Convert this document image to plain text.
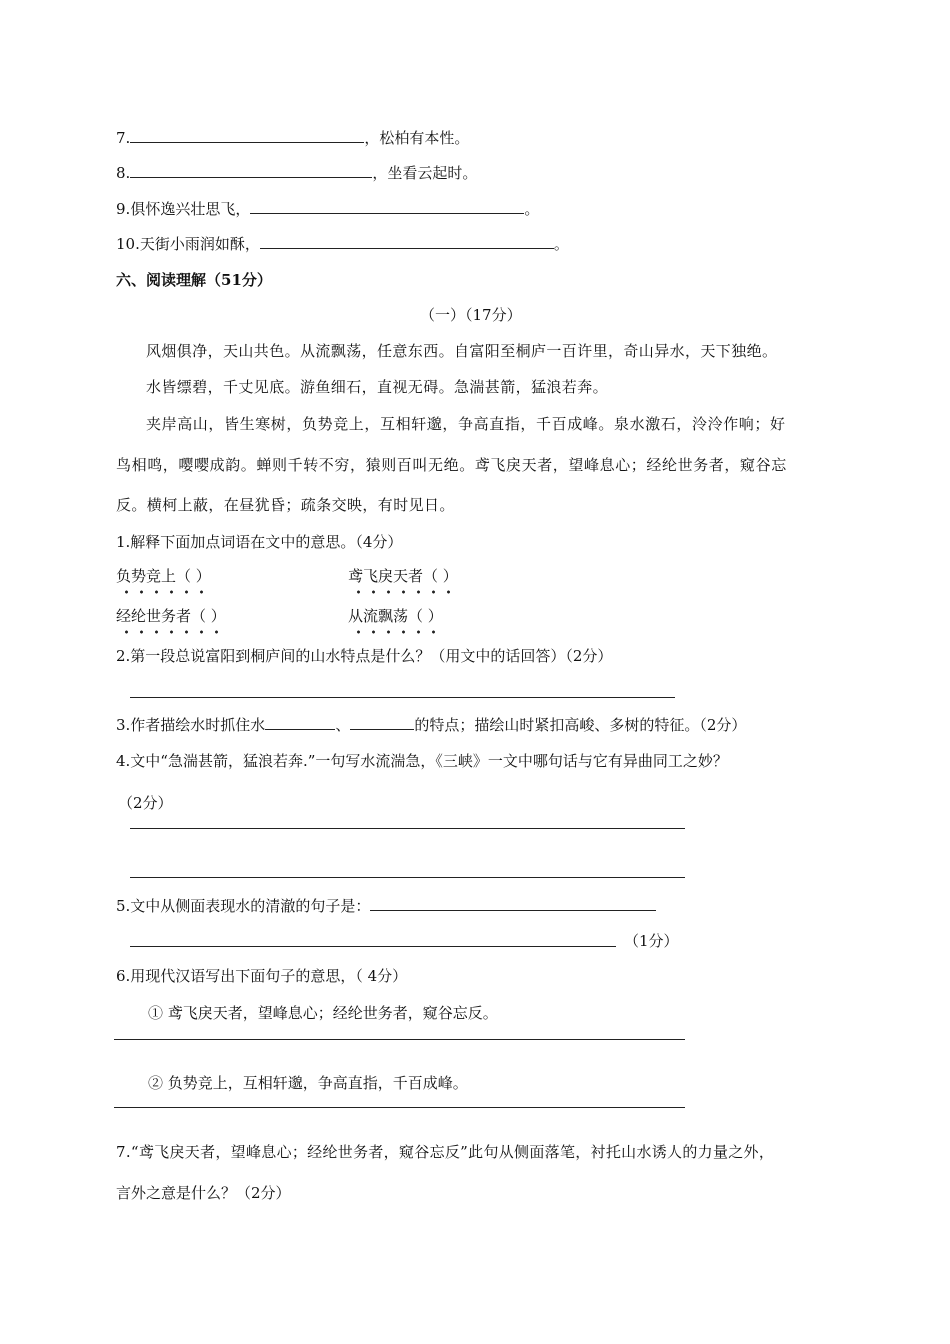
7.	，松柏有本性。
8.	，坐看云起时。
9.俱怀逸兴壮思飞，	。
10.天街小雨润如酥，	。
六、阅读理解（51分）
（一）（17分）
风烟俱净，天山共色。从流飘荡，任意东西。自富阳至桐庐一百许里，奇山异水，天下独绝。
水皆缥碧，千丈见底。游鱼细石，直视无碍。急湍甚箭，猛浪若奔。
夹岸高山，皆生寒树，负势竞上，互相轩邈，争高直指，千百成峰。泉水激石，泠泠作响；好
鸟相鸣，嘤嘤成韵。蝉则千转不穷，猿则百叫无绝。鸢飞戾天者，望峰息心；经纶世务者，窥谷忘
反。横柯上蔽，在昼犹昏；疏条交映，有时见日。
1.解释下面加点词语在文中的意思。（4分）
负势竞上（ ）	鸢飞戾天者（ ）
经纶世务者（ ）	从流飘荡（ ）
2.第一段总说富阳到桐庐间的山水特点是什么？（用文中的话回答）（2分）
3.作者描绘水时抓住水	、	的特点；描绘山时紧扣高峻、多树的特征。（2分）
4.文中“急湍甚箭，猛浪若奔.”一句写水流湍急，《三峡》一文中哪句话与它有异曲同工之妙？
（2分）
5.文中从侧面表现水的清澈的句子是：
（1分）
6.用现代汉语写出下面句子的意思，（ 4分）
① 鸢飞戾天者，望峰息心；经纶世务者，窥谷忘反。
② 负势竞上，互相轩邈，争高直指，千百成峰。
7.“鸢飞戾天者，望峰息心；经纶世务者，窥谷忘反”此句从侧面落笔，衬托山水诱人的力量之外，
言外之意是什么？（2分）
